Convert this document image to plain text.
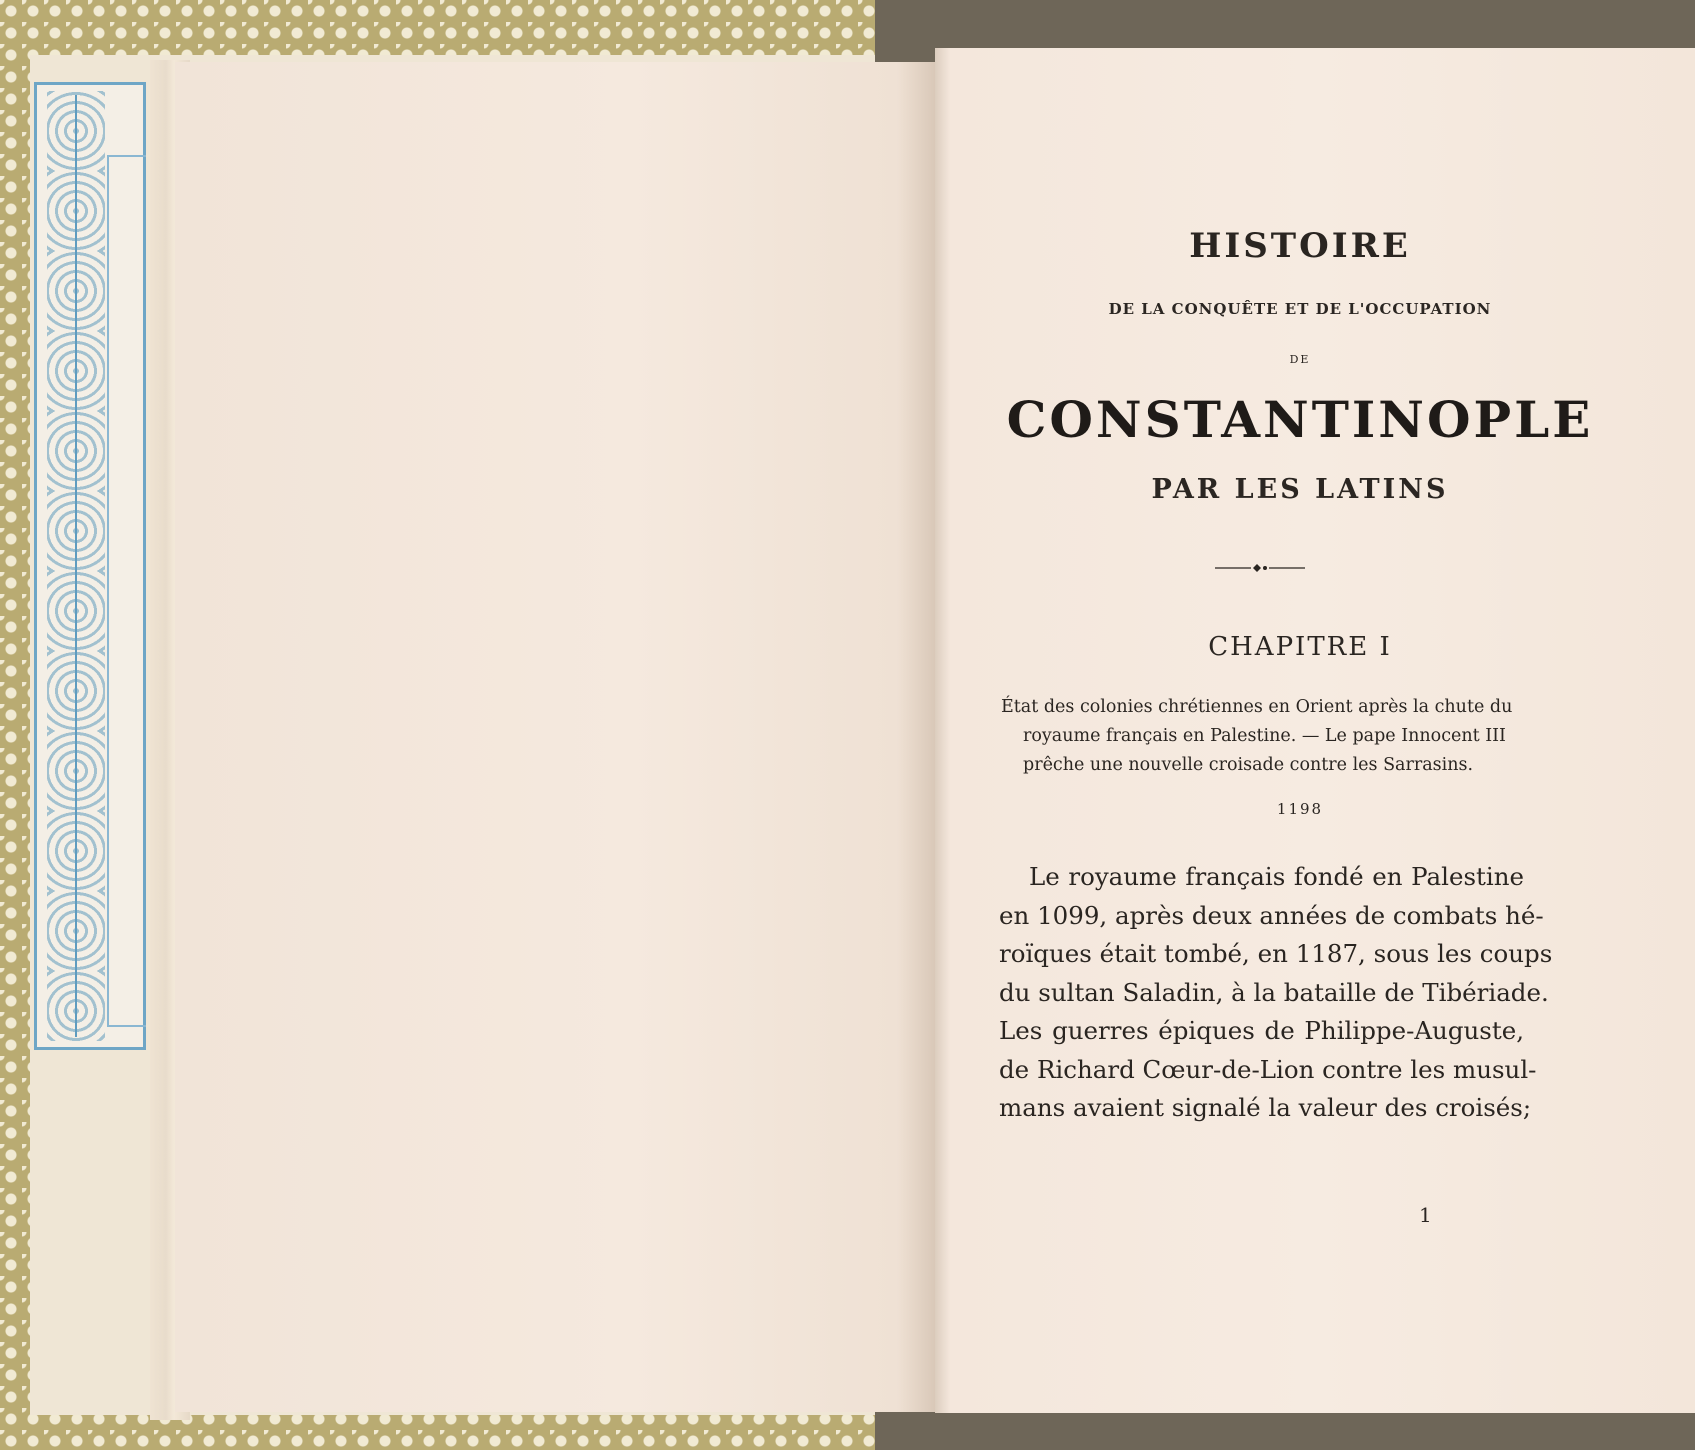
HISTOIRE
DE LA CONQUÊTE ET DE L'OCCUPATION
DE
CONSTANTINOPLE
PAR LES LATINS
CHAPITRE I
État des colonies chrétiennes en Orient après la chute du
royaume français en Palestine. — Le pape Innocent III
prêche une nouvelle croisade contre les Sarrasins.
1198
Le royaume français fondé en Palestine
en 1099, après deux années de combats hé-
roïques était tombé, en 1187, sous les coups
du sultan Saladin, à la bataille de Tibériade.
Les guerres épiques de Philippe-Auguste,
de Richard Cœur-de-Lion contre les musul-
mans avaient signalé la valeur des croisés;
1
